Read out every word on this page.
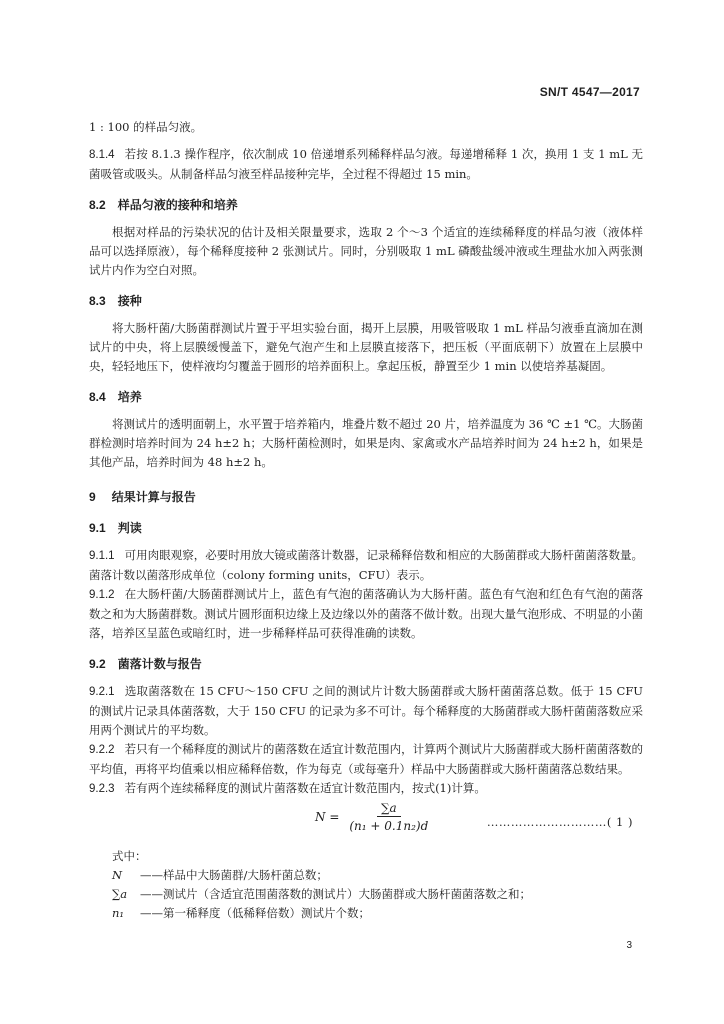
SN/T 4547—2017

1 : 100 的样品匀液。

8.1.4 若按 8.1.3 操作程序，依次制成 10 倍递增系列稀释样品匀液。每递增稀释 1 次，换用 1 支 1 mL 无菌吸管或吸头。从制备样品匀液至样品接种完毕，全过程不得超过 15 min。

8.2 样品匀液的接种和培养

根据对样品的污染状况的估计及相关限量要求，选取 2 个～3 个适宜的连续稀释度的样品匀液（液体样品可以选择原液），每个稀释度接种 2 张测试片。同时，分别吸取 1 mL 磷酸盐缓冲液或生理盐水加入两张测试片内作为空白对照。

8.3 接种

将大肠杆菌/大肠菌群测试片置于平坦实验台面，揭开上层膜，用吸管吸取 1 mL 样品匀液垂直滴加在测试片的中央，将上层膜缓慢盖下，避免气泡产生和上层膜直接落下，把压板（平面底朝下）放置在上层膜中央，轻轻地压下，使样液均匀覆盖于圆形的培养面积上。拿起压板，静置至少 1 min 以使培养基凝固。

8.4 培养

将测试片的透明面朝上，水平置于培养箱内，堆叠片数不超过 20 片，培养温度为 36 ℃ ±1 ℃。大肠菌群检测时培养时间为 24 h±2 h；大肠杆菌检测时，如果是肉、家禽或水产品培养时间为 24 h±2 h，如果是其他产品，培养时间为 48 h±2 h。

9 结果计算与报告

9.1 判读

9.1.1 可用肉眼观察，必要时用放大镜或菌落计数器，记录稀释倍数和相应的大肠菌群或大肠杆菌菌落数量。菌落计数以菌落形成单位（colony forming units，CFU）表示。

9.1.2 在大肠杆菌/大肠菌群测试片上，蓝色有气泡的菌落确认为大肠杆菌。蓝色有气泡和红色有气泡的菌落数之和为大肠菌群数。测试片圆形面积边缘上及边缘以外的菌落不做计数。出现大量气泡形成、不明显的小菌落，培养区呈蓝色或暗红时，进一步稀释样品可获得准确的读数。

9.2 菌落计数与报告

9.2.1 选取菌落数在 15 CFU～150 CFU 之间的测试片计数大肠菌群或大肠杆菌菌落总数。低于 15 CFU 的测试片记录具体菌落数，大于 150 CFU 的记录为多不可计。每个稀释度的大肠菌群或大肠杆菌菌落数应采用两个测试片的平均数。

9.2.2 若只有一个稀释度的测试片的菌落数在适宜计数范围内，计算两个测试片大肠菌群或大肠杆菌菌落数的平均值，再将平均值乘以相应稀释倍数，作为每克（或每毫升）样品中大肠菌群或大肠杆菌菌落总数结果。

9.2.3 若有两个连续稀释度的测试片菌落数在适宜计数范围内，按式(1)计算。

$N = \frac{\sum a}{\text{(n₁ + 0.1n₂)d}}$	…………………………( 1 )

式中：

N	——样品中大肠菌群/大肠杆菌总数；

∑a	——测试片（含适宜范围菌落数的测试片）大肠菌群或大肠杆菌菌落数之和；

n₁	——第一稀释度（低稀释倍数）测试片个数；

3
